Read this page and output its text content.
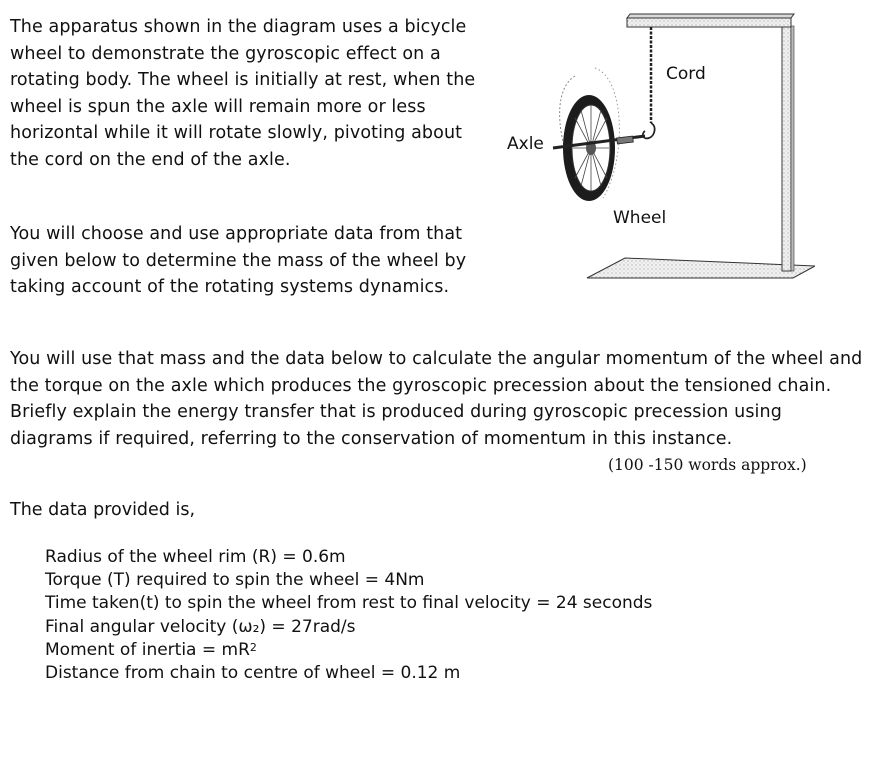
The apparatus shown in the diagram uses a bicycle wheel to demonstrate the gyroscopic effect on a rotating body. The wheel is initially at rest, when the wheel is spun the axle will remain more or less horizontal while it will rotate slowly, pivoting about the cord on the end of the axle.

You will choose and use appropriate data from that given below to determine the mass of the wheel by taking account of the rotating systems dynamics.

You will use that mass and the data below to calculate the angular momentum of the wheel and the torque on the axle which produces the gyroscopic precession about the tensioned chain. Briefly explain the energy transfer that is produced during gyroscopic precession using diagrams if required, referring to the conservation of momentum in this instance.

(100 -150 words approx.)
The data provided is,
Radius of the wheel rim (R) = 0.6m
Torque (T) required to spin the wheel = 4Nm
Time taken(t) to spin the wheel from rest to final velocity = 24 seconds
Final angular velocity (ω₂) = 27rad/s
Moment of inertia = $mR^2$
Distance from chain to centre of wheel = 0.12 m
Cord
Axle
Wheel
